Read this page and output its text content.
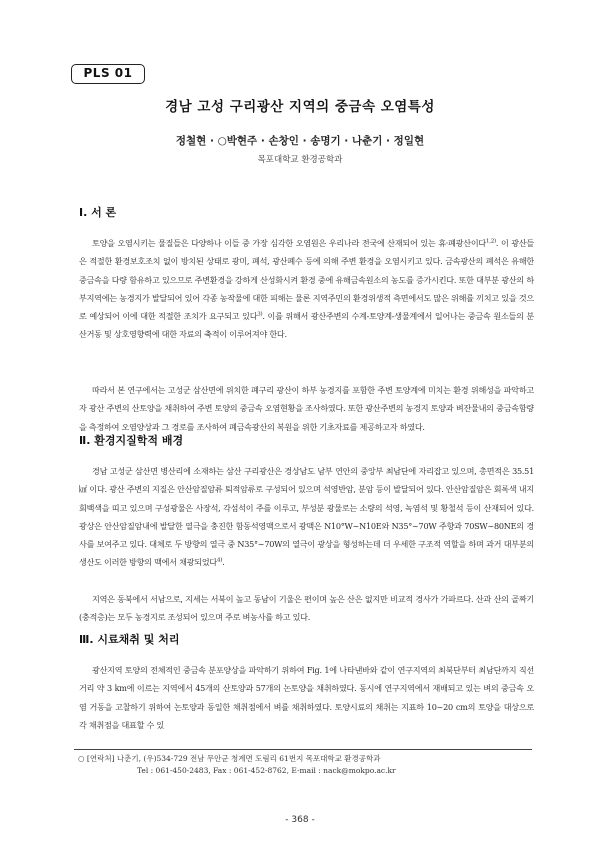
PLS 01
경남 고성 구리광산 지역의 중금속 오염특성
정철현 · ○박현주 · 손창인 · 송명기 · 나춘기 · 정일현
목포대학교 환경공학과
Ⅰ. 서 론
토양을 오염시키는 물질들은 다양하나 이들 중 가장 심각한 오염원은 우리나라 전국에 산재되어 있는 휴·폐광산이다$^{1,2)}$. 이 광산들은 적절한 환경보호조치 없이 방치된 상태로 광미, 폐석, 광산폐수 등에 의해 주변 환경을 오염시키고 있다. 금속광산의 폐석은 유해한 중금속을 다량 함유하고 있으므로 주변환경을 강하게 산성화시켜 환경 중에 유해금속원소의 농도를 증가시킨다. 또한 대부분 광산의 하부지역에는 농경지가 발달되어 있어 각종 농작물에 대한 피해는 물론 지역주민의 환경위생적 측면에서도 많은 위해를 끼치고 있을 것으로 예상되어 이에 대한 적절한 조치가 요구되고 있다$^{3)}$. 이를 위해서 광산주변의 수계-토양계-생물계에서 일어나는 중금속 원소들의 분산거동 및 상호영향력에 대한 자료의 축적이 이루어져야 한다.
따라서 본 연구에서는 고성군 삼산면에 위치한 폐구리 광산이 하부 농경지를 포함한 주변 토양계에 미치는 환경 위해성을 파악하고자 광산 주변의 산토양을 채취하여 주변 토양의 중금속 오염현황을 조사하였다. 또한 광산주변의 농경지 토양과 벼잔물내의 중금속함량을 측정하여 오염양상과 그 경로를 조사하여 폐금속광산의 복원을 위한 기초자료를 제공하고자 하였다.
Ⅱ. 환경지질학적 배경
경남 고성군 삼산면 병산리에 소재하는 삼산 구리광산은 경상남도 남부 연안의 중앙부 최남단에 자리잡고 있으며, 총면적은 35.51㎢ 이다. 광산 주변의 지질은 안산암질암류 퇴적암류로 구성되어 있으며 석영반암, 분암 등이 발달되어 있다. 안산암질암은 회록색 내지 회백색을 띠고 있으며 구성광물은 사장석, 각섬석이 주를 이루고, 부성분 광물로는 소량의 석영, 녹염석 및 황철석 등이 산재되어 있다. 광상은 안산암질암내에 발달한 열극을 충진한 함동석영맥으로서 광맥은 N10°W∼N10E와 N35°∼70W 주향과 70SW∼80NE의 경사를 보여주고 있다. 대체로 두 방향의 열극 중 N35°∼70W의 열극이 광상을 형성하는데 더 우세한 구조적 역할을 하며 과거 대부분의 생산도 이러한 방향의 맥에서 채광되었다$^{4)}$.
지역은 동북에서 서남으로, 지세는 서북이 높고 동남이 기울은 편이며 높은 산은 없지만 비교적 경사가 가파르다. 산과 산의 골짜기(충적층)는 모두 농경지로 조성되어 있으며 주로 벼농사를 하고 있다.
Ⅲ. 시료채취 및 처리
광산지역 토양의 전체적인 중금속 분포양상을 파악하기 위하여 Fig. 1에 나타낸바와 같이 연구지역의 최북단부터 최남단까지 직선거리 약 3 km에 이르는 지역에서 45개의 산토양과 57개의 논토양을 채취하였다. 동시에 연구지역에서 재배되고 있는 벼의 중금속 오염 거동을 고찰하기 위하여 논토양과 동일한 채취점에서 벼를 채취하였다. 토양시료의 채취는 지표하 10∼20 cm의 토양을 대상으로 각 채취점을 대표할 수 있
○ [연락처] 나춘기, (우)534-729 전남 무안군 청계면 도림리 61번지 목포대학교 환경공학과
Tel : 061-450-2483, Fax : 061-452-8762, E-mail : nack@mokpo.ac.kr
- 368 -
